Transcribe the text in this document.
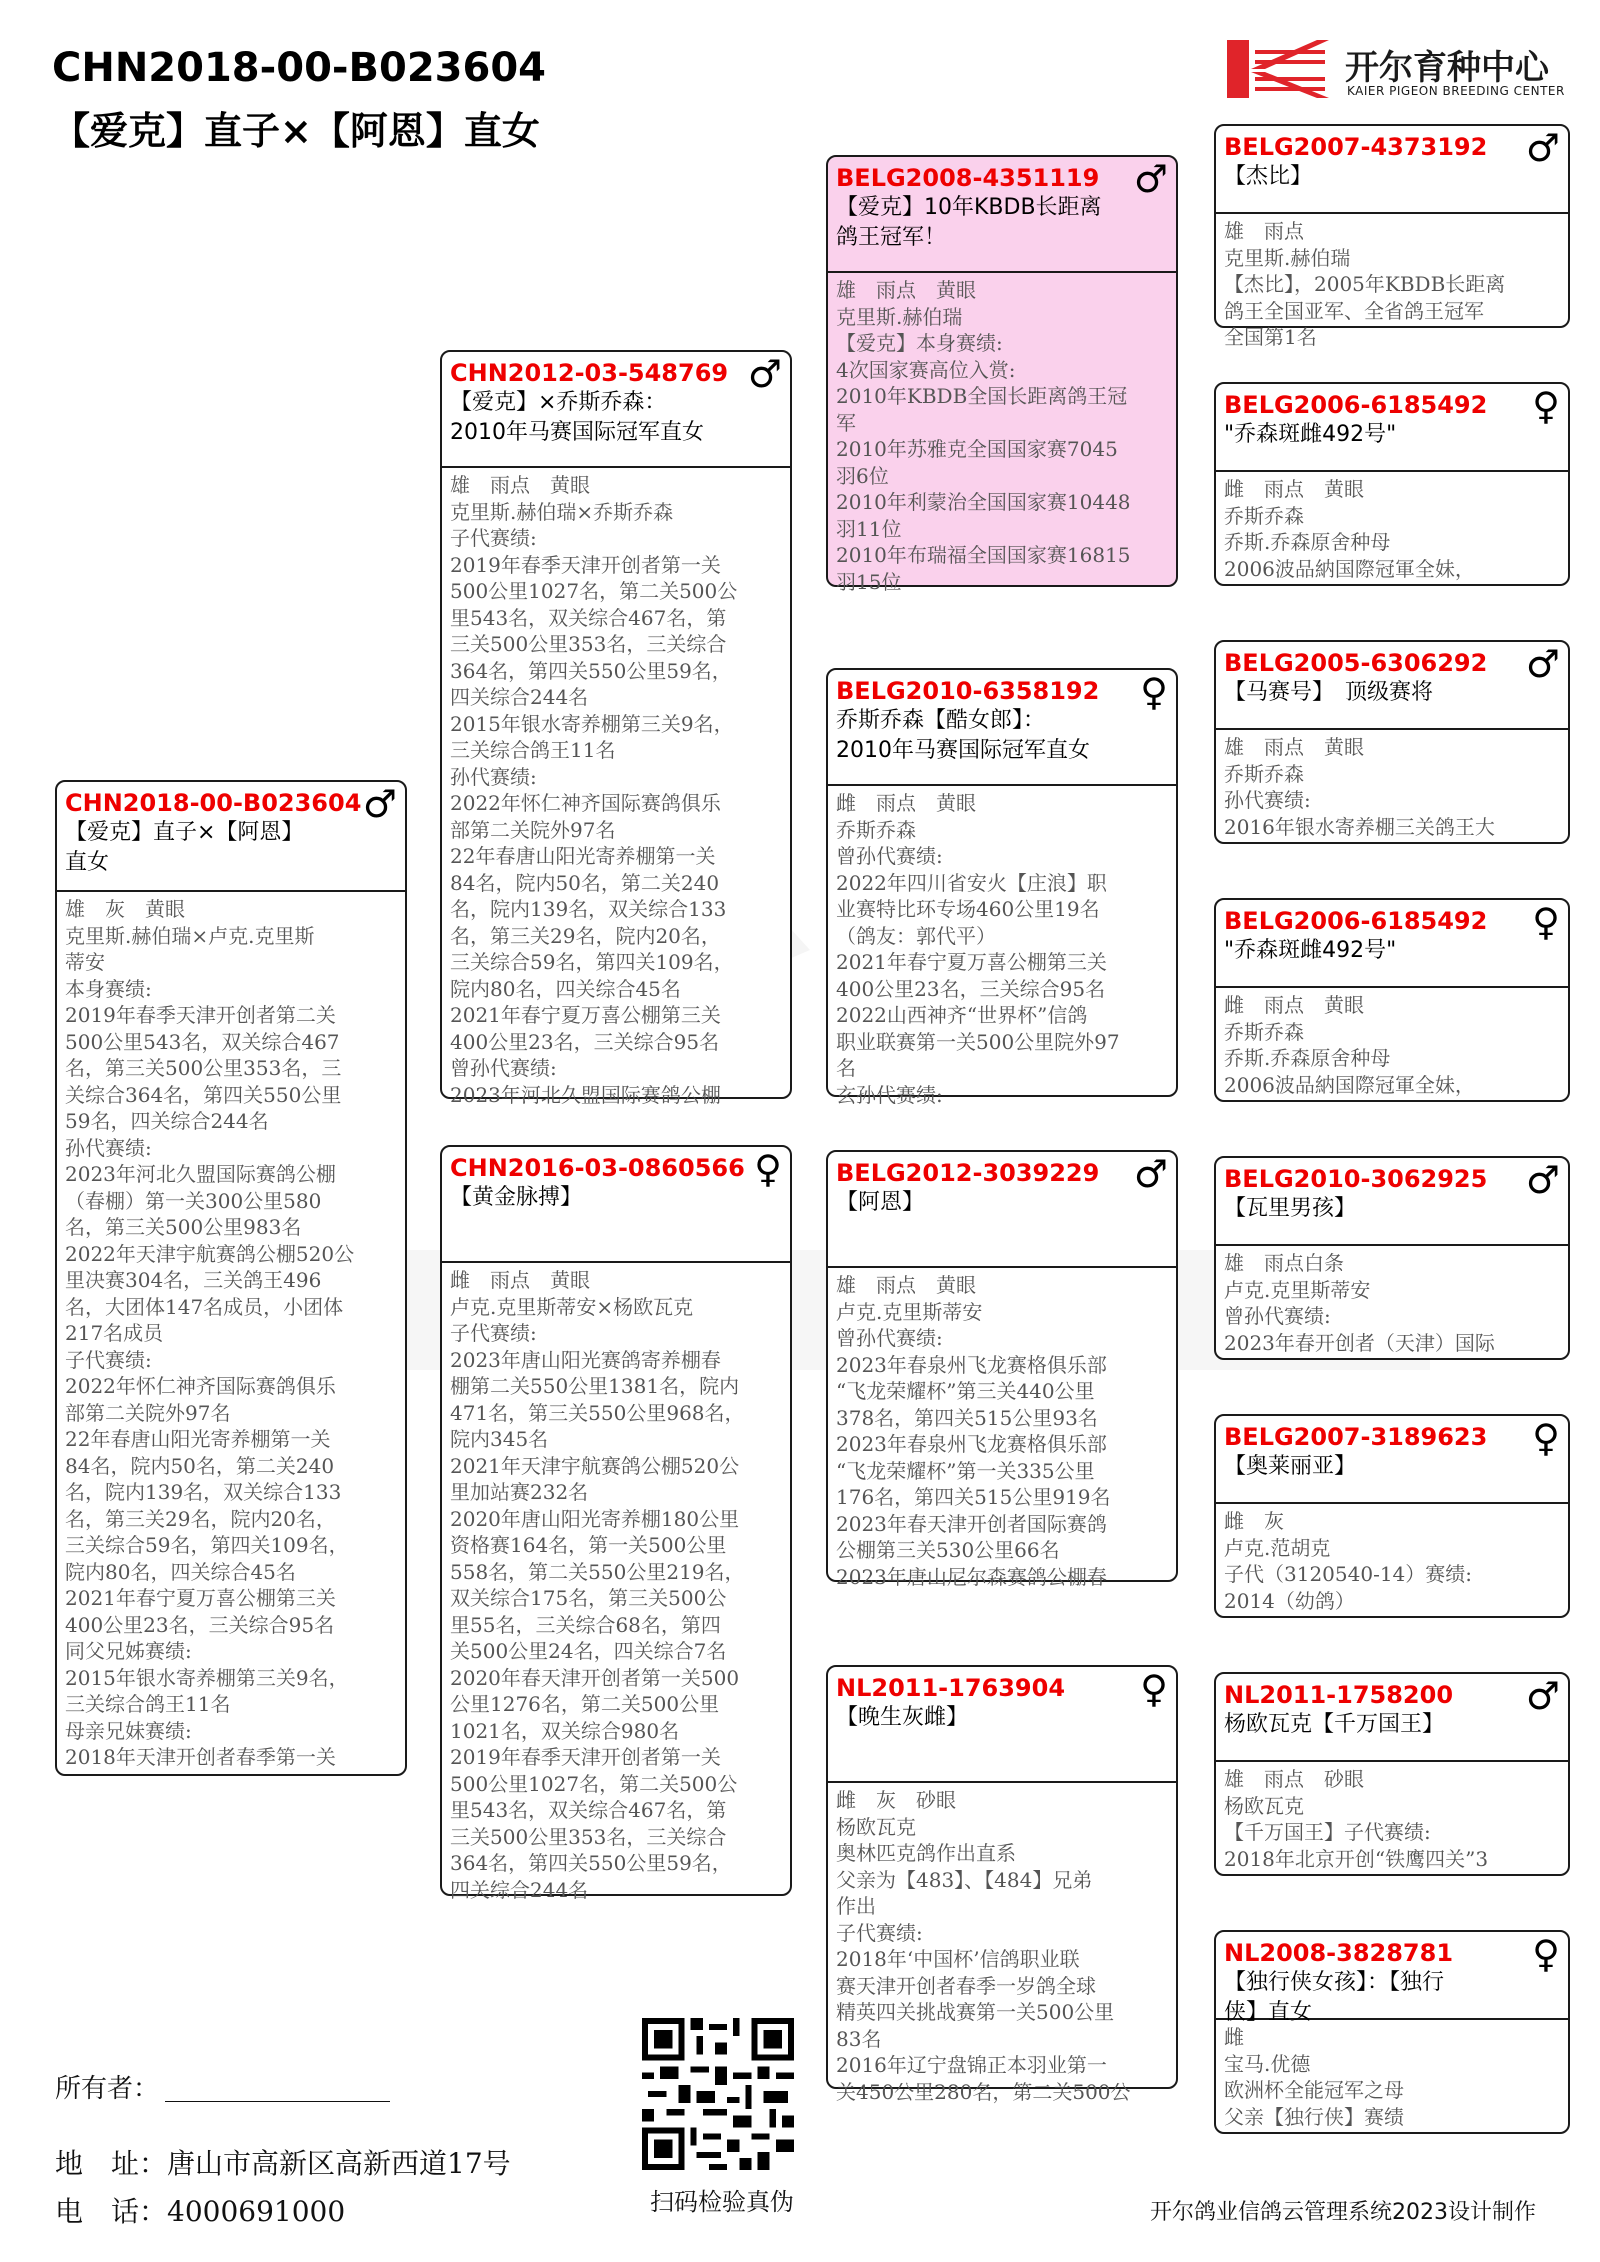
CHN2018-00-B023604
【爱克】直子×【阿恩】直女
开尔育种中心
KAIER PIGEON BREEDING CENTER
CHN2018-00-B023604 ♂
【爱克】直子×【阿恩】
直女
雄　灰　黄眼
克里斯.赫伯瑞×卢克.克里斯
蒂安
本身赛绩:
2019年春季天津开创者第二关
500公里543名，双关综合467
名，第三关500公里353名，三
关综合364名，第四关550公里
59名，四关综合244名
孙代赛绩:
2023年河北久盟国际赛鸽公棚
（春棚）第一关300公里580
名，第三关500公里983名
2022年天津宇航赛鸽公棚520公
里决赛304名，三关鸽王496
名，大团体147名成员，小团体
217名成员
子代赛绩:
2022年怀仁神齐国际赛鸽俱乐
部第二关院外97名
22年春唐山阳光寄养棚第一关
84名，院内50名，第二关240
名，院内139名，双关综合133
名，第三关29名，院内20名，
三关综合59名，第四关109名，
院内80名，四关综合45名
2021年春宁夏万喜公棚第三关
400公里23名，三关综合95名
同父兄姊赛绩:
2015年银水寄养棚第三关9名，
三关综合鸽王11名
母亲兄妹赛绩:
2018年天津开创者春季第一关
CHN2012-03-548769 ♂
【爱克】×乔斯乔森：
2010年马赛国际冠军直女
雄　雨点　黄眼
克里斯.赫伯瑞×乔斯乔森
子代赛绩:
2019年春季天津开创者第一关
500公里1027名，第二关500公
里543名，双关综合467名，第
三关500公里353名，三关综合
364名，第四关550公里59名，
四关综合244名
2015年银水寄养棚第三关9名，
三关综合鸽王11名
孙代赛绩:
2022年怀仁神齐国际赛鸽俱乐
部第二关院外97名
22年春唐山阳光寄养棚第一关
84名，院内50名，第二关240
名，院内139名，双关综合133
名，第三关29名，院内20名，
三关综合59名，第四关109名，
院内80名，四关综合45名
2021年春宁夏万喜公棚第三关
400公里23名，三关综合95名
曾孙代赛绩:
2023年河北久盟国际赛鸽公棚
CHN2016-03-0860566 ♀
【黄金脉搏】
雌　雨点　黄眼
卢克.克里斯蒂安×杨欧瓦克
子代赛绩:
2023年唐山阳光赛鸽寄养棚春
棚第二关550公里1381名，院内
471名，第三关550公里968名，
院内345名
2021年天津宇航赛鸽公棚520公
里加站赛232名
2020年唐山阳光寄养棚180公里
资格赛164名，第一关500公里
558名，第二关550公里219名，
双关综合175名，第三关500公
里55名，三关综合68名，第四
关500公里24名，四关综合7名
2020年春天津开创者第一关500
公里1276名，第二关500公里
1021名，双关综合980名
2019年春季天津开创者第一关
500公里1027名，第二关500公
里543名，双关综合467名，第
三关500公里353名，三关综合
364名，第四关550公里59名，
四关综合244名
BELG2008-4351119 ♂
【爱克】10年KBDB长距离
鸽王冠军！
雄　雨点　黄眼
克里斯.赫伯瑞
【爱克】本身赛绩:
4次国家赛高位入赏:
2010年KBDB全国长距离鸽王冠
军
2010年苏雅克全国国家赛7045
羽6位
2010年利蒙治全国国家赛10448
羽11位
2010年布瑞福全国国家赛16815
羽15位
BELG2010-6358192	♀
乔斯乔森【酷女郎】：
2010年马赛国际冠军直女
雌　雨点　黄眼
乔斯乔森
曾孙代赛绩:
2022年四川省安火【庄浪】职
业赛特比环专场460公里19名
（鸽友：郭代平）
2021年春宁夏万喜公棚第三关
400公里23名，三关综合95名
2022山西神齐“世界杯”信鸽
职业联赛第一关500公里院外97
名
玄孙代赛绩:
BELG2012-3039229 ♂
【阿恩】
雄　雨点　黄眼
卢克.克里斯蒂安
曾孙代赛绩:
2023年春泉州飞龙赛格俱乐部
“飞龙荣耀杯”第三关440公里
378名，第四关515公里93名
2023年春泉州飞龙赛格俱乐部
“飞龙荣耀杯”第一关335公里
176名，第四关515公里919名
2023年春天津开创者国际赛鸽
公棚第三关530公里66名
2023年唐山尼尔森赛鸽公棚春
NL2011-1763904	♀
【晚生灰雌】
雌　灰　砂眼
杨欧瓦克
奥林匹克鸽作出直系
父亲为【483】、【484】兄弟
作出
子代赛绩:
2018年‘中国杯’信鸽职业联
赛天津开创者春季一岁鸽全球
精英四关挑战赛第一关500公里
83名
2016年辽宁盘锦正本羽业第一
关450公里280名，第二关500公
BELG2007-4373192	♂
【杰比】
雄　雨点
克里斯.赫伯瑞
【杰比】，2005年KBDB长距离
鸽王全国亚军、全省鸽王冠军
全国第1名
BELG2006-6185492	♀
"乔森斑雌492号"
雌　雨点　黄眼
乔斯乔森
乔斯.乔森原舍种母
2006波品納国際冠軍全妹，
BELG2005-6306292	♂
【马赛号】　顶级赛将
雄　雨点　黄眼
乔斯乔森
孙代赛绩:
2016年银水寄养棚三关鸽王大
BELG2006-6185492	♀
"乔森斑雌492号"
雌　雨点　黄眼
乔斯乔森
乔斯.乔森原舍种母
2006波品納国際冠軍全妹，
BELG2010-3062925	♂
【瓦里男孩】
雄　雨点白条
卢克.克里斯蒂安
曾孙代赛绩:
2023年春开创者（天津）国际
BELG2007-3189623	♀
【奥莱丽亚】
雌　灰
卢克.范胡克
子代（3120540-14）赛绩:
2014（幼鸽）
NL2011-1758200	♂
杨欧瓦克【千万国王】
雄　雨点　砂眼
杨欧瓦克
【千万国王】子代赛绩:
2018年北京开创“铁鹰四关”3
NL2008-3828781	♀
【独行侠女孩】：【独行
侠】直女
雌
宝马.优德
欧洲杯全能冠军之母
父亲【独行侠】赛绩
所有者：
地　址：唐山市高新区高新西道17号
电　话：4000691000	扫码检验真伪	开尔鸽业信鸽云管理系统2023设计制作
